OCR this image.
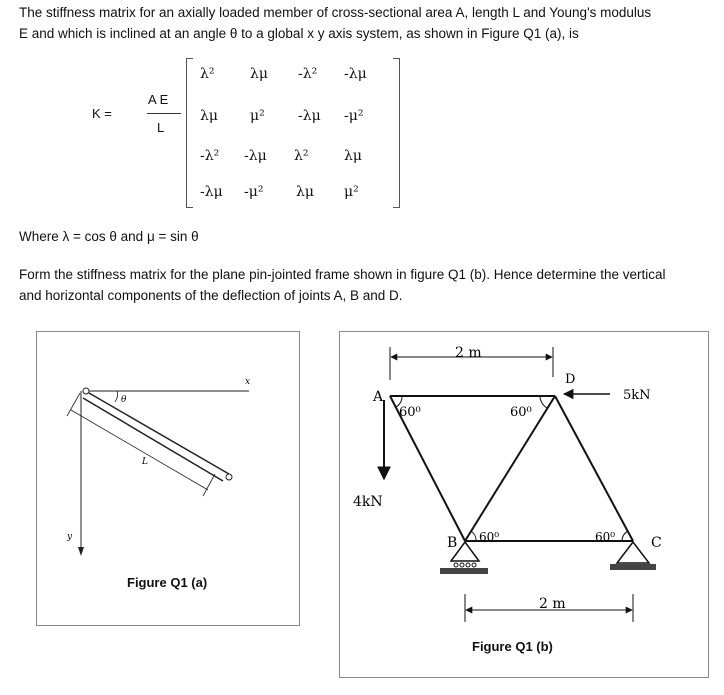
The stiffness matrix for an axially loaded member of cross-sectional area A, length L and Young's modulus
E and which is inclined at an angle θ to a global x y axis system, as shown in Figure Q1 (a), is
K =
A E
L
λ²	λμ -λ² -λμ
λμ μ² -λμ -μ²
-λ² -λμ λ²	λμ
-λμ -μ² λμ μ²
Where λ = cos θ and μ = sin θ
Form the stiffness matrix for the plane pin-jointed frame shown in figure Q1 (b). Hence determine the vertical
and horizontal components of the deflection of joints A, B and D.
θ
L
x
y
Figure Q1 (a)
2 m
60⁰	60⁰
60⁰	60⁰
A
D
B	C
5kN
4kN
2 m
Figure Q1 (b)
